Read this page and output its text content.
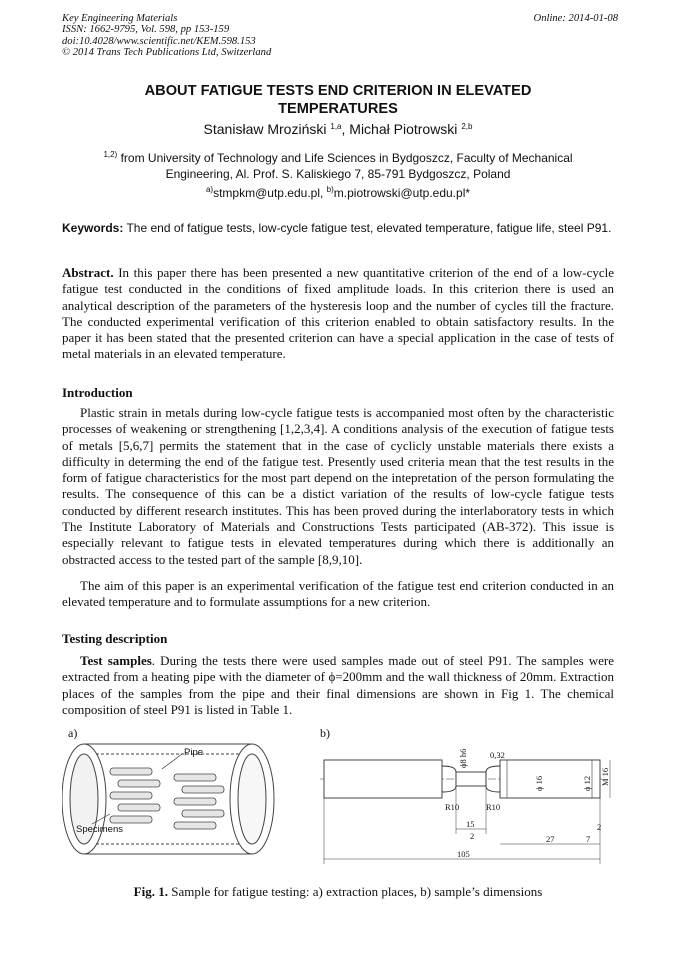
Key Engineering Materials
ISSN: 1662-9795, Vol. 598, pp 153-159
doi:10.4028/www.scientific.net/KEM.598.153
© 2014 Trans Tech Publications Ltd, Switzerland
Online: 2014-01-08
ABOUT FATIGUE TESTS END CRITERION IN ELEVATED
TEMPERATURES
Stanisław Mroziński $^{1,a}$, Michał Piotrowski $^{2,b}$
$^{1,2)}$ from University of Technology and Life Sciences in Bydgoszcz, Faculty of Mechanical
Engineering, Al. Prof. S. Kaliskiego 7, 85-791 Bydgoszcz, Poland
$^{a)}$stmpkm@utp.edu.pl, $^{b)}$m.piotrowski@utp.edu.pl*
Keywords: The end of fatigue tests, low-cycle fatigue test, elevated temperature, fatigue life, steel P91.
Abstract. In this paper there has been presented a new quantitative criterion of the end of a low-cycle fatigue test conducted in the conditions of fixed amplitude loads. In this criterion there is used an analytical description of the parameters of the hysteresis loop and the number of cycles till the fracture. The conducted experimental verification of this criterion enabled to obtain satisfactory results. In the paper it has been stated that the presented criterion can have a special application in the case of tests of metal materials in an elevated temperature.
Introduction
Plastic strain in metals during low-cycle fatigue tests is accompanied most often by the characteristic processes of weakening or strengthening [1,2,3,4]. A conditions analysis of the execution of fatigue tests of metals [5,6,7] permits the statement that in the case of cyclicly unstable materials there exists a difficulty in determing the end of the fatigue test. Presently used criteria mean that the test results in the form of fatigue characteristics for the most part depend on the intepretation of the person formulating the results. The consequence of this can be a distict variation of the results of low-cycle fatigue tests conducted by different research institutes. This has been proved during the interlaboratory tests in which The Institute Laboratory of Materials and Constructions Tests participated (AB-372). This issue is especially relevant to fatigue tests in elevated temperatures during which there is additionally an obstracted access to the tested part of the sample [8,9,10].
The aim of this paper is an experimental verification of the fatigue test end criterion conducted in an elevated temperature and to formulate assumptions for a new criterion.
Testing description
Test samples. During the tests there were used samples made out of steel P91. The samples were extracted from a heating pipe with the diameter of ϕ=200mm and the wall thickness of 20mm. Extraction places of the samples from the pipe and their final dimensions are shown in Fig 1. The chemical composition of steel P91 is listed in Table 1.
a)
Pipe
Specimens
b)
ϕ8 h6	0,32
ϕ 16	ϕ 12 M 16
R10	R10
15
2
2
27	7
105
Fig. 1. Sample for fatigue testing: a) extraction places, b) sample’s dimensions
